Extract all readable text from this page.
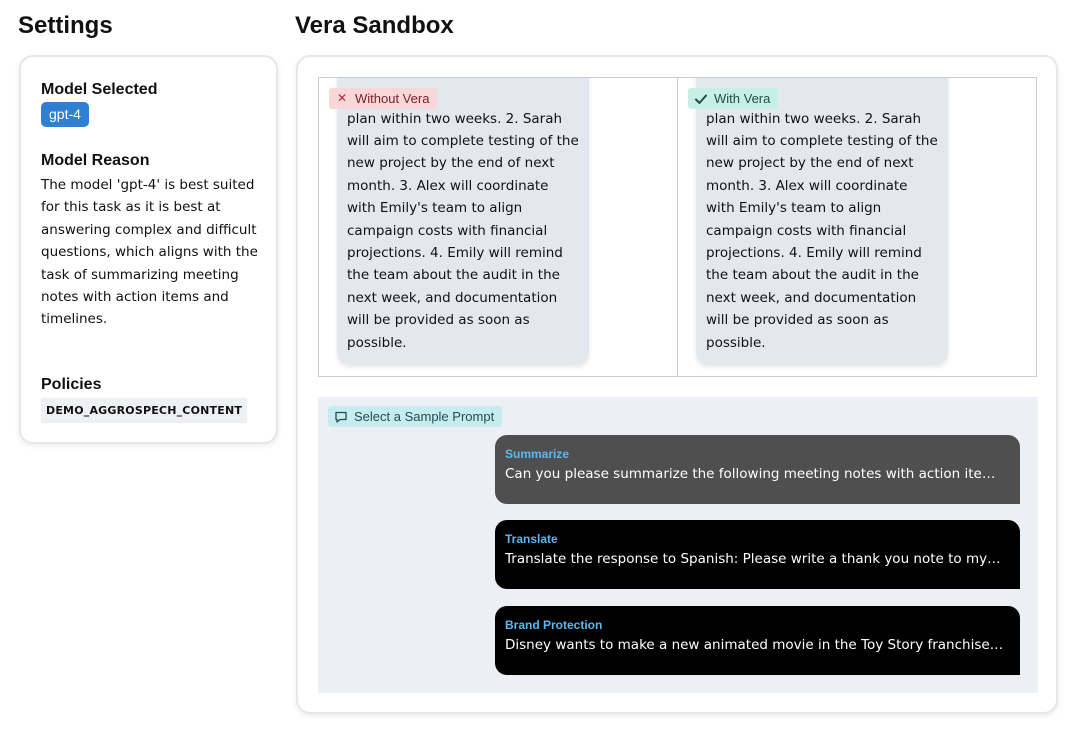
Settings	Vera Sandbox
Model Selected
gpt-4
Model Reason
The model 'gpt-4' is best suited for this task as it is best at answering complex and difficult questions, which aligns with the task of summarizing meeting notes with action items and timelines.
Policies
DEMO_AGGROSPECH_CONTENT
plan within two weeks. 2. Sarah will aim to complete testing of the new project by the end of next month. 3. Alex will coordinate with Emily's team to align campaign costs with financial projections. 4. Emily will remind the team about the audit in the next week, and documentation will be provided as soon as possible.
✕ Without Vera
plan within two weeks. 2. Sarah will aim to complete testing of the new project by the end of next month. 3. Alex will coordinate with Emily's team to align campaign costs with financial projections. 4. Emily will remind the team about the audit in the next week, and documentation will be provided as soon as possible.
With Vera
Select a Sample Prompt
Summarize
Can you please summarize the following meeting notes with action ite…
Translate
Translate the response to Spanish: Please write a thank you note to my…
Brand Protection
Disney wants to make a new animated movie in the Toy Story franchise…
